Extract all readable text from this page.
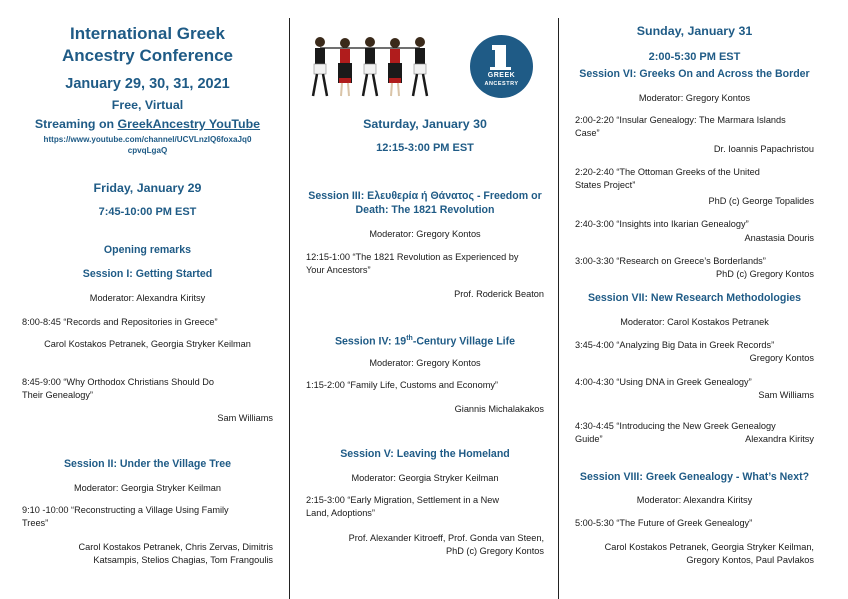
International Greek
Ancestry Conference
January 29, 30, 31, 2021
Free, Virtual
Streaming on GreekAncestry YouTube
https://www.youtube.com/channel/UCVLnzIQ6foxaJq0
cpvqLgaQ
Friday, January 29
7:45-10:00 PM EST
Opening remarks
Session I: Getting Started
Moderator: Alexandra Kiritsy
8:00-8:45 “Records and Repositories in Greece”
Carol Kostakos Petranek, Georgia Stryker Keilman
8:45-9:00 “Why Orthodox Christians Should Do
Their Genealogy”
Sam Williams
Session II: Under the Village Tree
Moderator: Georgia Stryker Keilman
9:10 -10:00 “Reconstructing a Village Using Family
Trees”
Carol Kostakos Petranek, Chris Zervas, Dimitris
Katsampis, Stelios Chagias, Tom Frangoulis
Saturday, January 30
12:15-3:00 PM EST
Session III: Ελευθερία ή Θάνατος - Freedom or
Death: The 1821 Revolution
Moderator: Gregory Kontos
12:15-1:00 “The 1821 Revolution as Experienced by
Your Ancestors”
Prof. Roderick Beaton
Session IV: 19th-Century Village Life
Moderator: Gregory Kontos
1:15-2:00 “Family Life, Customs and Economy”
Giannis Michalakakos
Session V: Leaving the Homeland
Moderator: Georgia Stryker Keilman
2:15-3:00 “Early Migration, Settlement in a New
Land, Adoptions”
Prof. Alexander Kitroeff, Prof. Gonda van Steen,
PhD (c) Gregory Kontos
GREEK
ANCESTRY
Sunday, January 31
2:00-5:30 PM EST
Session VI: Greeks On and Across the Border
Moderator: Gregory Kontos
2:00-2:20 “Insular Genealogy: The Marmara Islands
Case”
Dr. Ioannis Papachristou
2:20-2:40 “The Ottoman Greeks of the United
States Project”
PhD (c) George Topalides
2:40-3:00 “Insights into Ikarian Genealogy”
Anastasia Douris
3:00-3:30 “Research on Greece’s Borderlands”
PhD (c) Gregory Kontos
Session VII: New Research Methodologies
Moderator: Carol Kostakos Petranek
3:45-4:00 “Analyzing Big Data in Greek Records”
Gregory Kontos
4:00-4:30 “Using DNA in Greek Genealogy”
Sam Williams
4:30-4:45 “Introducing the New Greek Genealogy
Guide”	Alexandra Kiritsy
Session VIII: Greek Genealogy - What’s Next?
Moderator: Alexandra Kiritsy
5:00-5:30 “The Future of Greek Genealogy”
Carol Kostakos Petranek, Georgia Stryker Keilman,
Gregory Kontos, Paul Pavlakos
